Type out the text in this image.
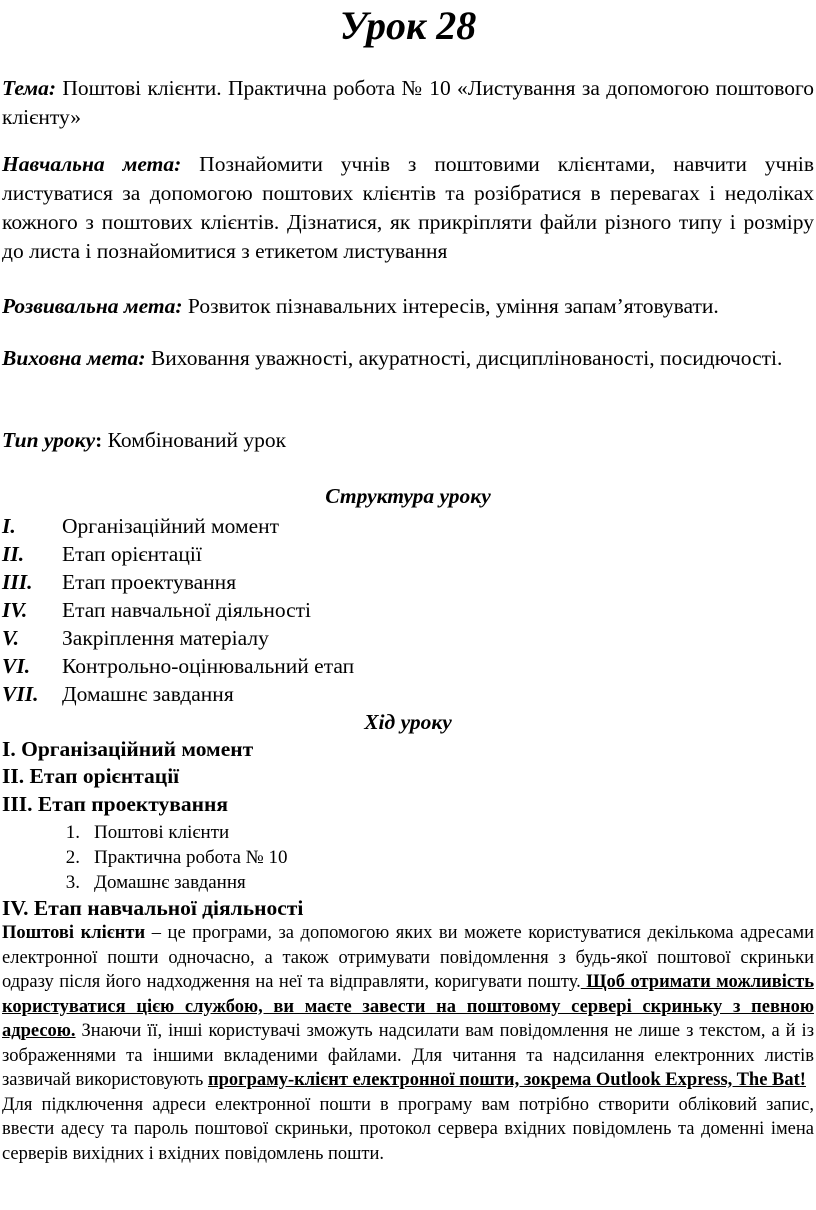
Урок 28
Тема: Поштові клієнти. Практична робота № 10 «Листування за допомогою поштового клієнту»
Навчальна мета: Познайомити учнів з поштовими клієнтами, навчити учнів листуватися за допомогою поштових клієнтів та розібратися в перевагах і недоліках кожного з поштових клієнтів. Дізнатися, як прикріпляти файли різного типу і розміру до листа і познайомитися з етикетом листування
Розвивальна мета: Розвиток пізнавальних інтересів, уміння запам’ятовувати.
Виховна мета: Виховання уважності, акуратності, дисциплінованості, посидючості.
Тип уроку: Комбінований урок
Структура уроку
I. Організаційний момент
II. Етап орієнтації
III. Етап проектування
IV. Етап навчальної діяльності
V. Закріплення матеріалу
VI. Контрольно-оцінювальний етап
VII. Домашнє завдання
Хід уроку
I. Організаційний момент
II. Етап орієнтації
III. Етап проектування
1. Поштові клієнти
2. Практична робота № 10
3. Домашнє завдання
IV. Етап навчальної діяльності

Поштові клієнти – це програми, за допомогою яких ви можете користуватися декількома адресами електронної пошти одночасно, а також отримувати повідомлення з будь-якої поштової скриньки одразу після його надходження на неї та відправляти, коригувати пошту. Щоб отримати можливість користуватися цією службою, ви маєте завести на поштовому сервері скриньку з певною адресою. Знаючи її, інші користувачі зможуть надсилати вам повідомлення не лише з текстом, а й із зображеннями та іншими вкладеними файлами. Для читання та надсилання електронних листів зазвичай використовують програму-клієнт електронної пошти, зокрема Outlook Express, The Bat!

Для підключення адреси електронної пошти в програму вам потрібно створити обліковий запис, ввести адесу та пароль поштової скриньки, протокол сервера вхідних повідомлень та доменні імена серверів вихідних і вхідних повідомлень пошти.
